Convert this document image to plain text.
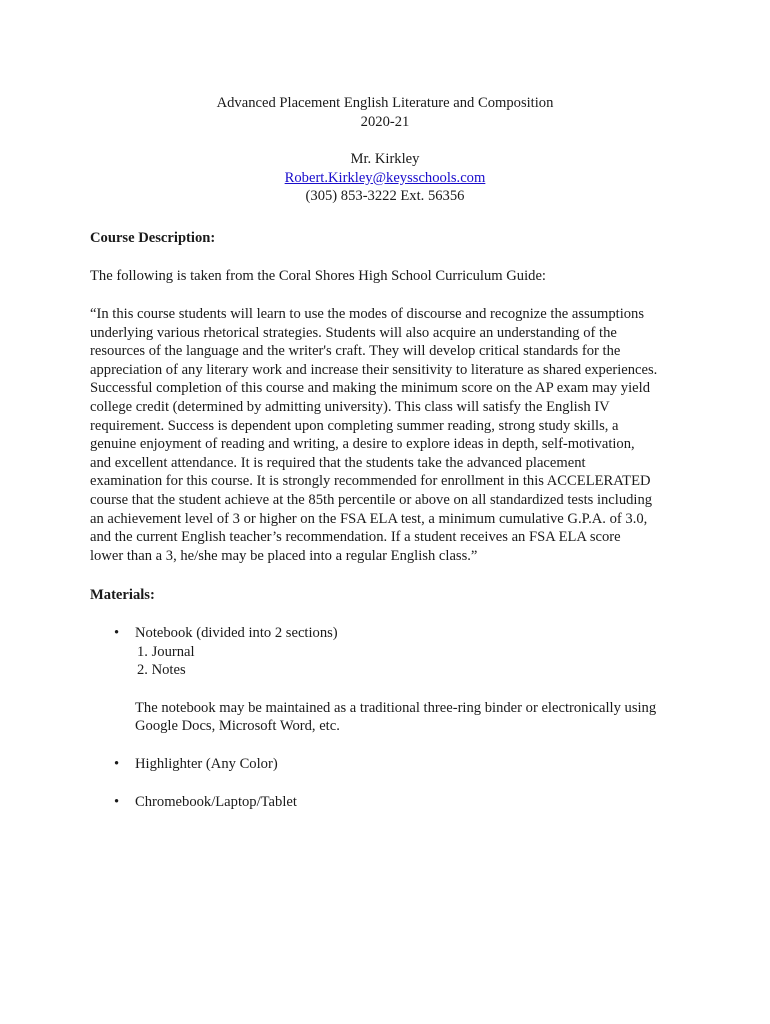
Advanced Placement English Literature and Composition
2020-21
Mr. Kirkley
Robert.Kirkley@keysschools.com
(305) 853-3222 Ext. 56356
Course Description:
The following is taken from the Coral Shores High School Curriculum Guide:
“In this course students will learn to use the modes of discourse and recognize the assumptions
underlying various rhetorical strategies. Students will also acquire an understanding of the
resources of the language and the writer's craft. They will develop critical standards for the
appreciation of any literary work and increase their sensitivity to literature as shared experiences.
Successful completion of this course and making the minimum score on the AP exam may yield
college credit (determined by admitting university). This class will satisfy the English IV
requirement. Success is dependent upon completing summer reading, strong study skills, a
genuine enjoyment of reading and writing, a desire to explore ideas in depth, self-motivation,
and excellent attendance. It is required that the students take the advanced placement
examination for this course. It is strongly recommended for enrollment in this ACCELERATED
course that the student achieve at the 85th percentile or above on all standardized tests including
an achievement level of 3 or higher on the FSA ELA test, a minimum cumulative G.P.A. of 3.0,
and the current English teacher’s recommendation. If a student receives an FSA ELA score
lower than a 3, he/she may be placed into a regular English class.”
Materials:
• Notebook (divided into 2 sections)
1. Journal
2. Notes
The notebook may be maintained as a traditional three-ring binder or electronically using
Google Docs, Microsoft Word, etc.
• Highlighter (Any Color)
• Chromebook/Laptop/Tablet
